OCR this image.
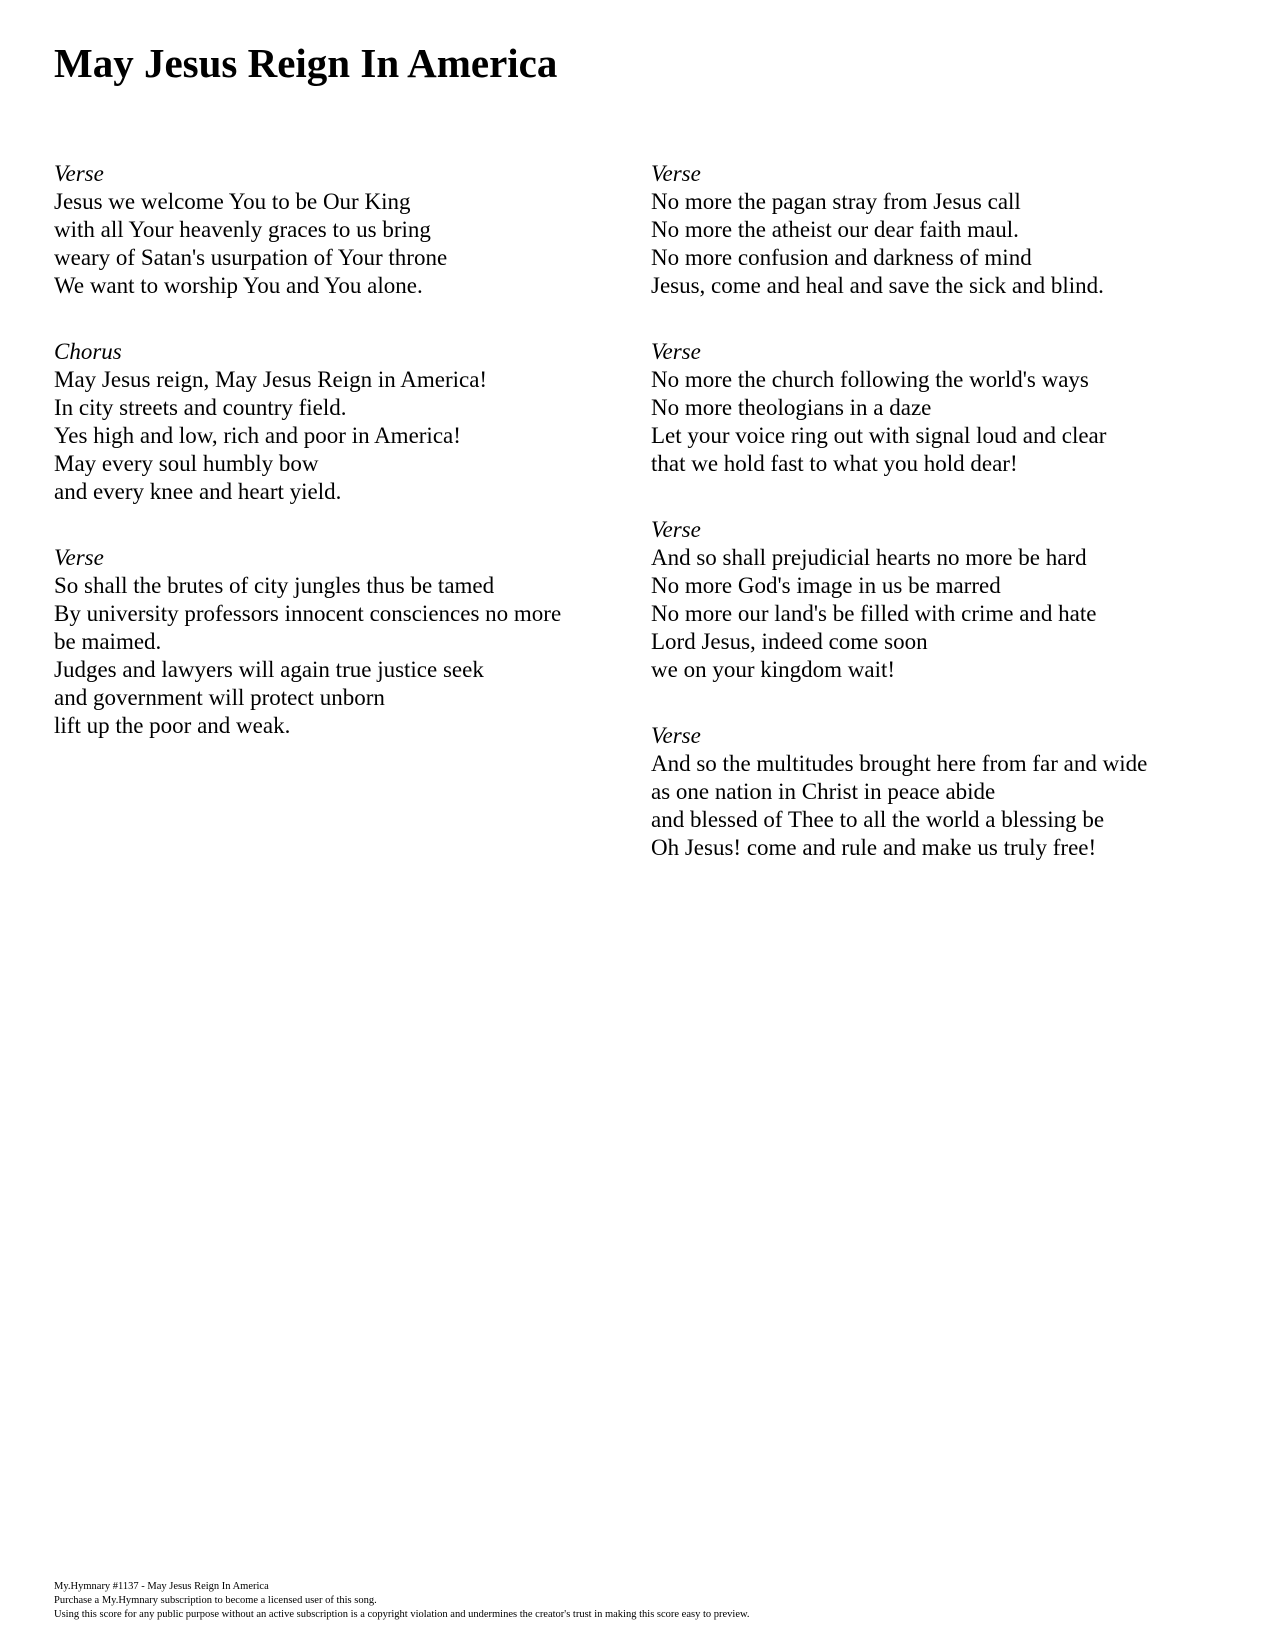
May Jesus Reign In America
Verse
Jesus we welcome You to be Our King
with all Your heavenly graces to us bring
weary of Satan's usurpation of Your throne
We want to worship You and You alone.
Chorus
May Jesus reign, May Jesus Reign in America!
In city streets and country field.
Yes high and low, rich and poor in America!
May every soul humbly bow
and every knee and heart yield.
Verse
So shall the brutes of city jungles thus be tamed
By university professors innocent consciences no more
be maimed.
Judges and lawyers will again true justice seek
and government will protect unborn
lift up the poor and weak.
Verse
No more the pagan stray from Jesus call
No more the atheist our dear faith maul.
No more confusion and darkness of mind
Jesus, come and heal and save the sick and blind.
Verse
No more the church following the world's ways
No more theologians in a daze
Let your voice ring out with signal loud and clear
that we hold fast to what you hold dear!
Verse
And so shall prejudicial hearts no more be hard
No more God's image in us be marred
No more our land's be filled with crime and hate
Lord Jesus, indeed come soon
we on your kingdom wait!
Verse
And so the multitudes brought here from far and wide
as one nation in Christ in peace abide
and blessed of Thee to all the world a blessing be
Oh Jesus! come and rule and make us truly free!
My.Hymnary #1137 - May Jesus Reign In America
Purchase a My.Hymnary subscription to become a licensed user of this song.
Using this score for any public purpose without an active subscription is a copyright violation and undermines the creator's trust in making this score easy to preview.
